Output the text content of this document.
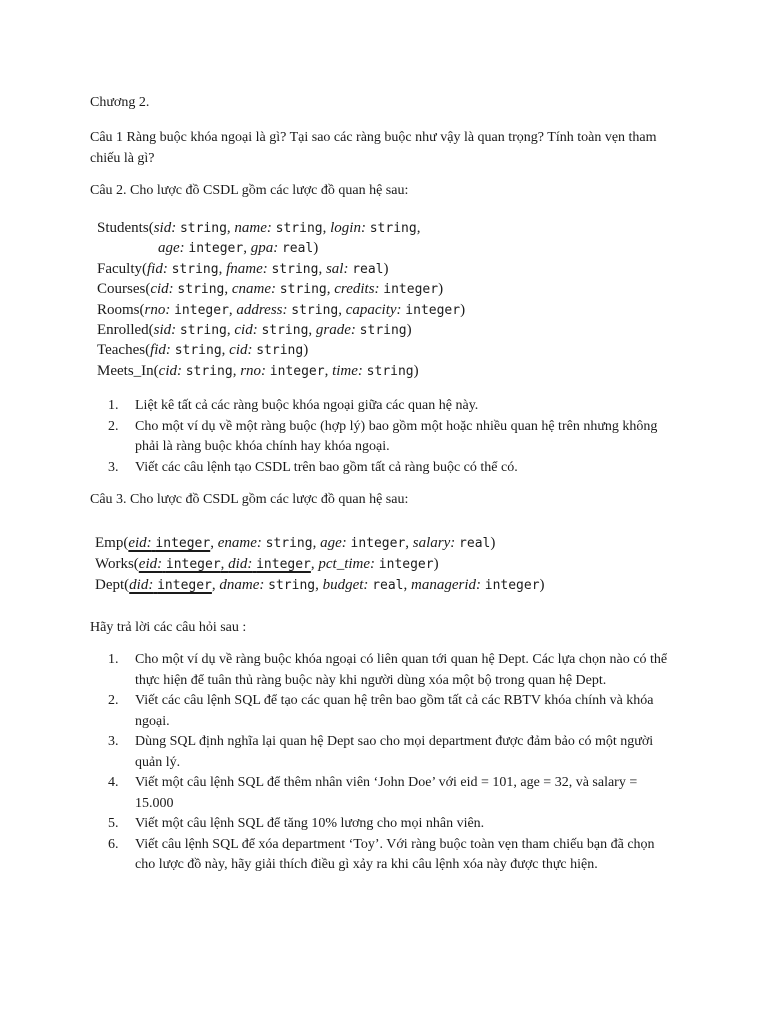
Chương 2.

Câu 1 Ràng buộc khóa ngoại là gì? Tại sao các ràng buộc như vậy là quan trọng? Tính toàn vẹn tham chiếu là gì?

Câu 2. Cho lược đồ CSDL gồm các lược đồ quan hệ sau:

Students(sid: string, name: string, login: string,
age: integer, gpa: real)
Faculty(fid: string, fname: string, sal: real)
Courses(cid: string, cname: string, credits: integer)
Rooms(rno: integer, address: string, capacity: integer)
Enrolled(sid: string, cid: string, grade: string)
Teaches(fid: string, cid: string)
Meets_In(cid: string, rno: integer, time: string)
1. Liệt kê tất cả các ràng buộc khóa ngoại giữa các quan hệ này.
2. Cho một ví dụ về một ràng buộc (hợp lý) bao gồm một hoặc nhiều quan hệ trên nhưng không phải là ràng buộc khóa chính hay khóa ngoại.
3. Viết các câu lệnh tạo CSDL trên bao gồm tất cả ràng buộc có thể có.

Câu 3. Cho lược đồ CSDL gồm các lược đồ quan hệ sau:

Emp(eid: integer, ename: string, age: integer, salary: real)
Works(eid: integer, did: integer, pct_time: integer)
Dept(did: integer, dname: string, budget: real, managerid: integer)

Hãy trả lời các câu hỏi sau :

1. Cho một ví dụ về ràng buộc khóa ngoại có liên quan tới quan hệ Dept. Các lựa chọn nào có thể thực hiện để tuân thủ ràng buộc này khi người dùng xóa một bộ trong quan hệ Dept.
2. Viết các câu lệnh SQL để tạo các quan hệ trên bao gồm tất cả các RBTV khóa chính và khóa ngoại.
3. Dùng SQL định nghĩa lại quan hệ Dept sao cho mọi department được đảm bảo có một người quản lý.
4. Viết một câu lệnh SQL để thêm nhân viên ‘John Doe’ với eid = 101, age = 32, và salary = 15.000
5. Viết một câu lệnh SQL để tăng 10% lương cho mọi nhân viên.
6. Viết câu lệnh SQL để xóa department ‘Toy’. Với ràng buộc toàn vẹn tham chiếu bạn đã chọn cho lược đồ này, hãy giải thích điều gì xảy ra khi câu lệnh xóa này được thực hiện.
